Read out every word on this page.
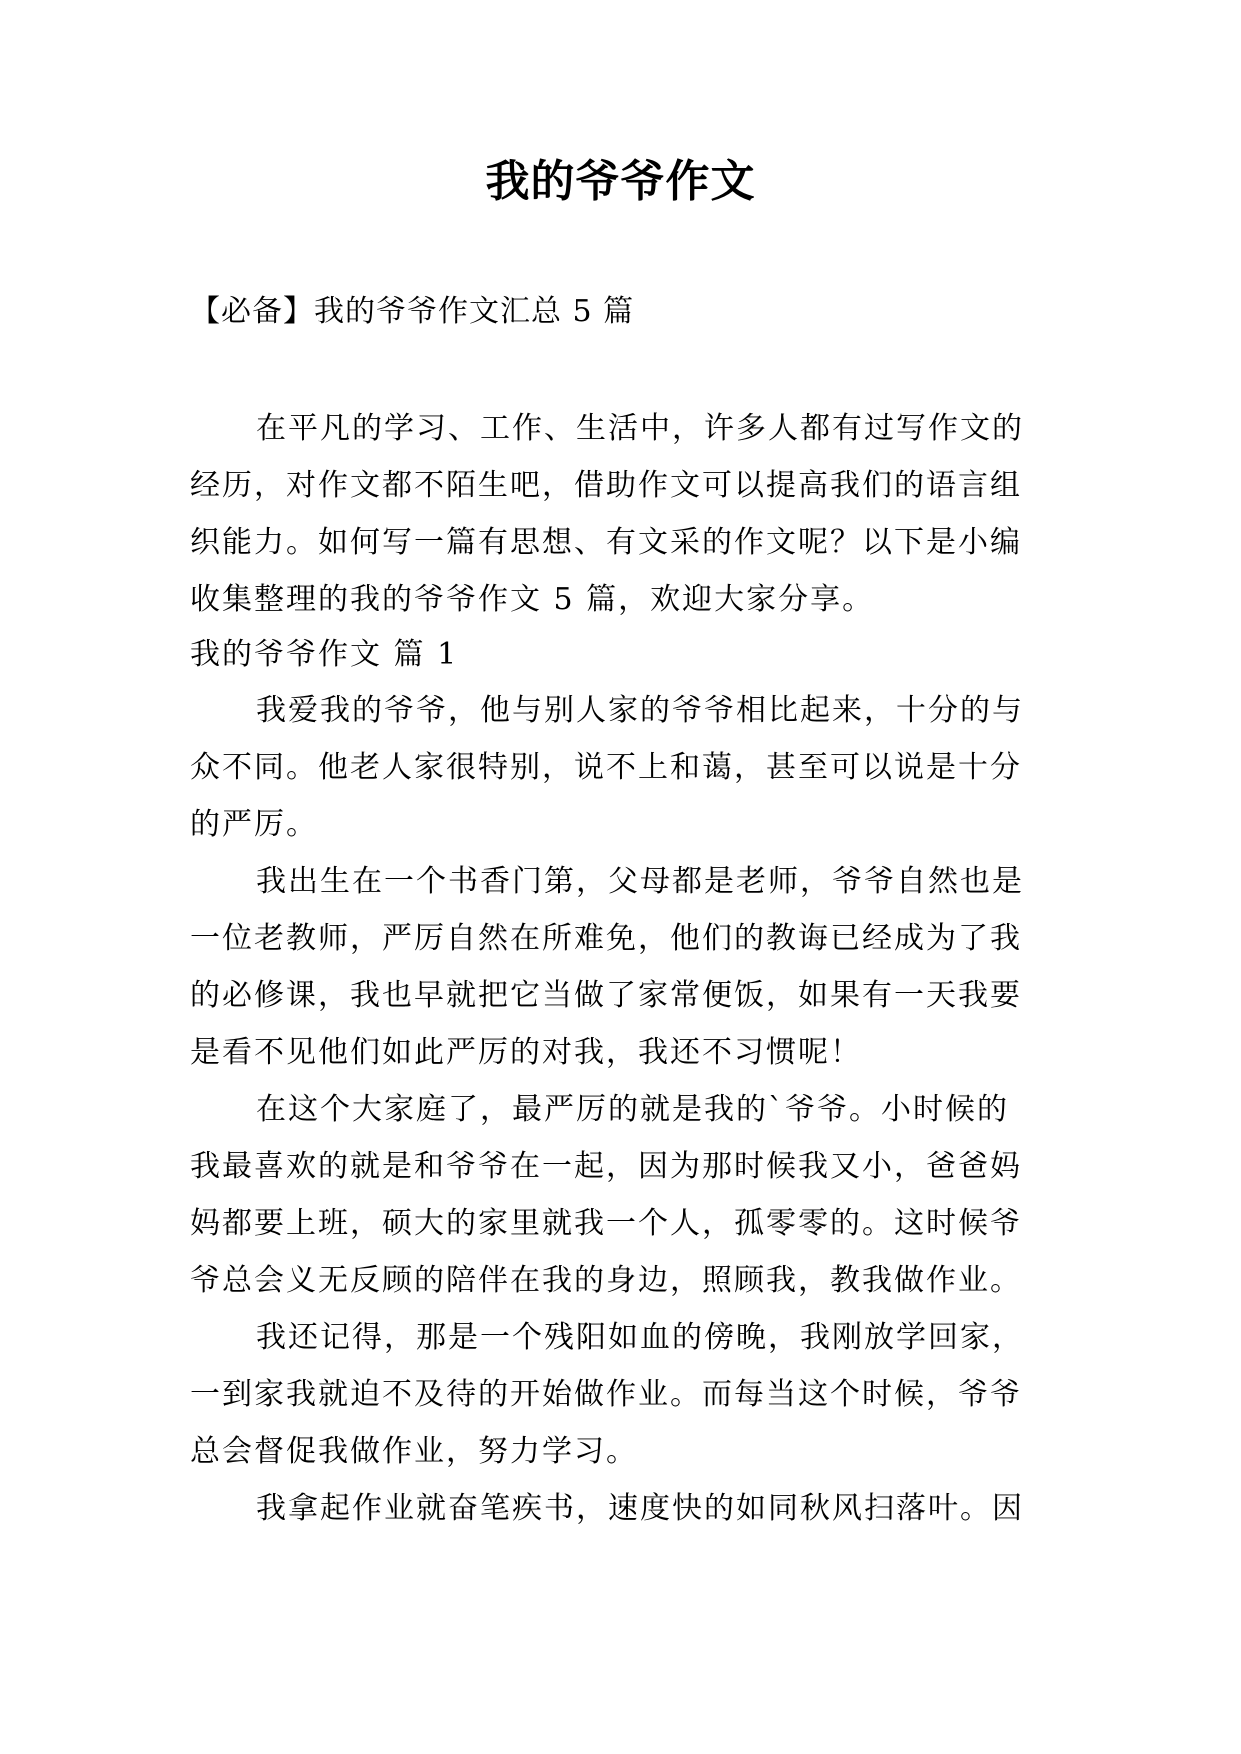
我的爷爷作文
【必备】我的爷爷作文汇总 5 篇
在平凡的学习、工作、生活中，许多人都有过写作文的
经历，对作文都不陌生吧，借助作文可以提高我们的语言组
织能力。如何写一篇有思想、有文采的作文呢？以下是小编
收集整理的我的爷爷作文 5 篇，欢迎大家分享。
我的爷爷作文 篇 1
我爱我的爷爷，他与别人家的爷爷相比起来，十分的与
众不同。他老人家很特别，说不上和蔼，甚至可以说是十分
的严厉。
我出生在一个书香门第，父母都是老师，爷爷自然也是
一位老教师，严厉自然在所难免，他们的教诲已经成为了我
的必修课，我也早就把它当做了家常便饭，如果有一天我要
是看不见他们如此严厉的对我，我还不习惯呢！
在这个大家庭了，最严厉的就是我的`爷爷。小时候的
我最喜欢的就是和爷爷在一起，因为那时候我又小，爸爸妈
妈都要上班，硕大的家里就我一个人，孤零零的。这时候爷
爷总会义无反顾的陪伴在我的身边，照顾我，教我做作业。
我还记得，那是一个残阳如血的傍晚，我刚放学回家，
一到家我就迫不及待的开始做作业。而每当这个时候，爷爷
总会督促我做作业，努力学习。
我拿起作业就奋笔疾书，速度快的如同秋风扫落叶。因
